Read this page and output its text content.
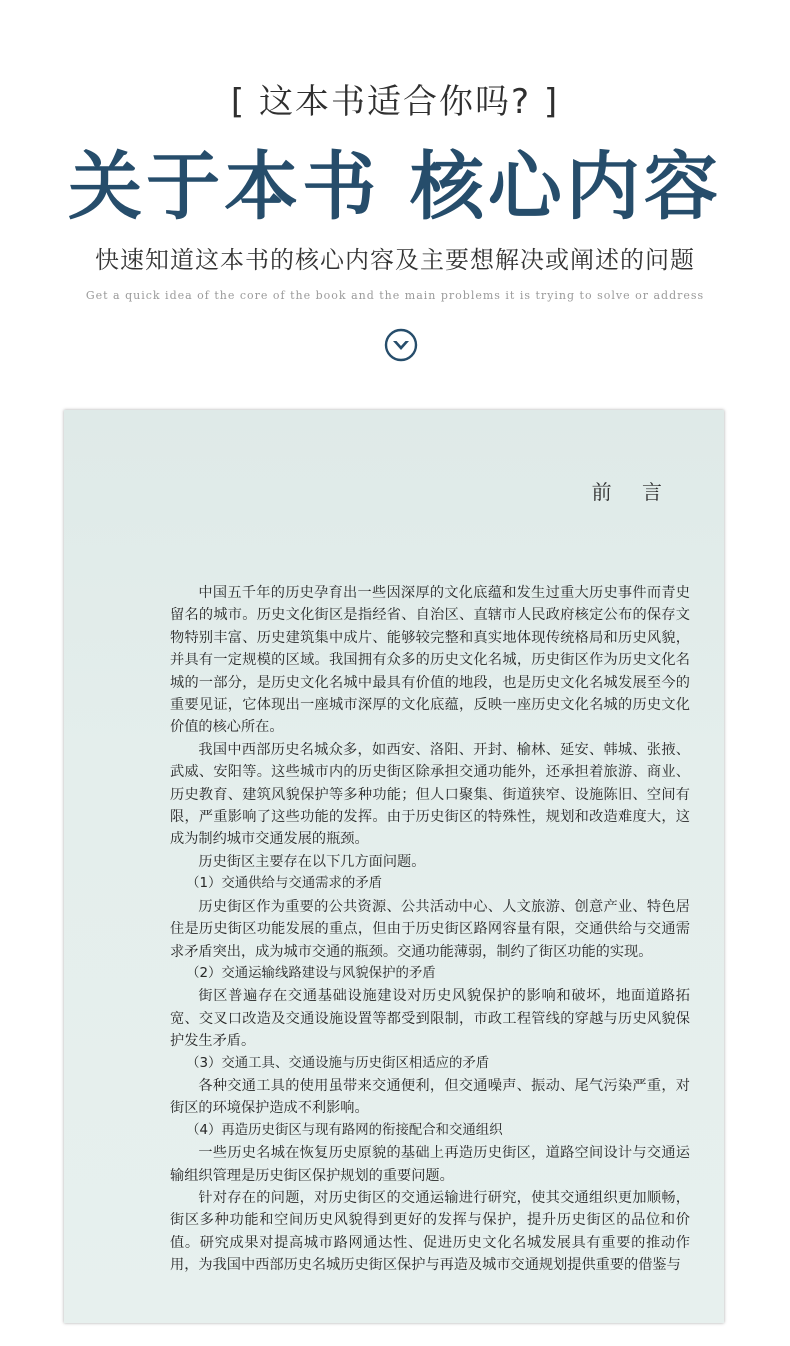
[ 这本书适合你吗? ]
关于本书 核心内容
快速知道这本书的核心内容及主要想解决或阐述的问题
Get a quick idea of the core of the book and the main problems it is trying to solve or address
前 言

中国五千年的历史孕育出一些因深厚的文化底蕴和发生过重大历史事件而青史留名的城市。历史文化街区是指经省、自治区、直辖市人民政府核定公布的保存文物特别丰富、历史建筑集中成片、能够较完整和真实地体现传统格局和历史风貌，并具有一定规模的区域。我国拥有众多的历史文化名城，历史街区作为历史文化名城的一部分，是历史文化名城中最具有价值的地段，也是历史文化名城发展至今的重要见证，它体现出一座城市深厚的文化底蕴，反映一座历史文化名城的历史文化价值的核心所在。

我国中西部历史名城众多，如西安、洛阳、开封、榆林、延安、韩城、张掖、武威、安阳等。这些城市内的历史街区除承担交通功能外，还承担着旅游、商业、历史教育、建筑风貌保护等多种功能；但人口聚集、街道狭窄、设施陈旧、空间有限，严重影响了这些功能的发挥。由于历史街区的特殊性，规划和改造难度大，这成为制约城市交通发展的瓶颈。

历史街区主要存在以下几方面问题。

（1）交通供给与交通需求的矛盾

历史街区作为重要的公共资源、公共活动中心、人文旅游、创意产业、特色居住是历史街区功能发展的重点，但由于历史街区路网容量有限，交通供给与交通需求矛盾突出，成为城市交通的瓶颈。交通功能薄弱，制约了街区功能的实现。

（2）交通运输线路建设与风貌保护的矛盾

街区普遍存在交通基础设施建设对历史风貌保护的影响和破坏，地面道路拓宽、交叉口改造及交通设施设置等都受到限制，市政工程管线的穿越与历史风貌保护发生矛盾。

（3）交通工具、交通设施与历史街区相适应的矛盾

各种交通工具的使用虽带来交通便利，但交通噪声、振动、尾气污染严重，对街区的环境保护造成不利影响。

（4）再造历史街区与现有路网的衔接配合和交通组织

一些历史名城在恢复历史原貌的基础上再造历史街区，道路空间设计与交通运输组织管理是历史街区保护规划的重要问题。

针对存在的问题，对历史街区的交通运输进行研究，使其交通组织更加顺畅，街区多种功能和空间历史风貌得到更好的发挥与保护，提升历史街区的品位和价值。研究成果对提高城市路网通达性、促进历史文化名城发展具有重要的推动作用，为我国中西部历史名城历史街区保护与再造及城市交通规划提供重要的借鉴与
